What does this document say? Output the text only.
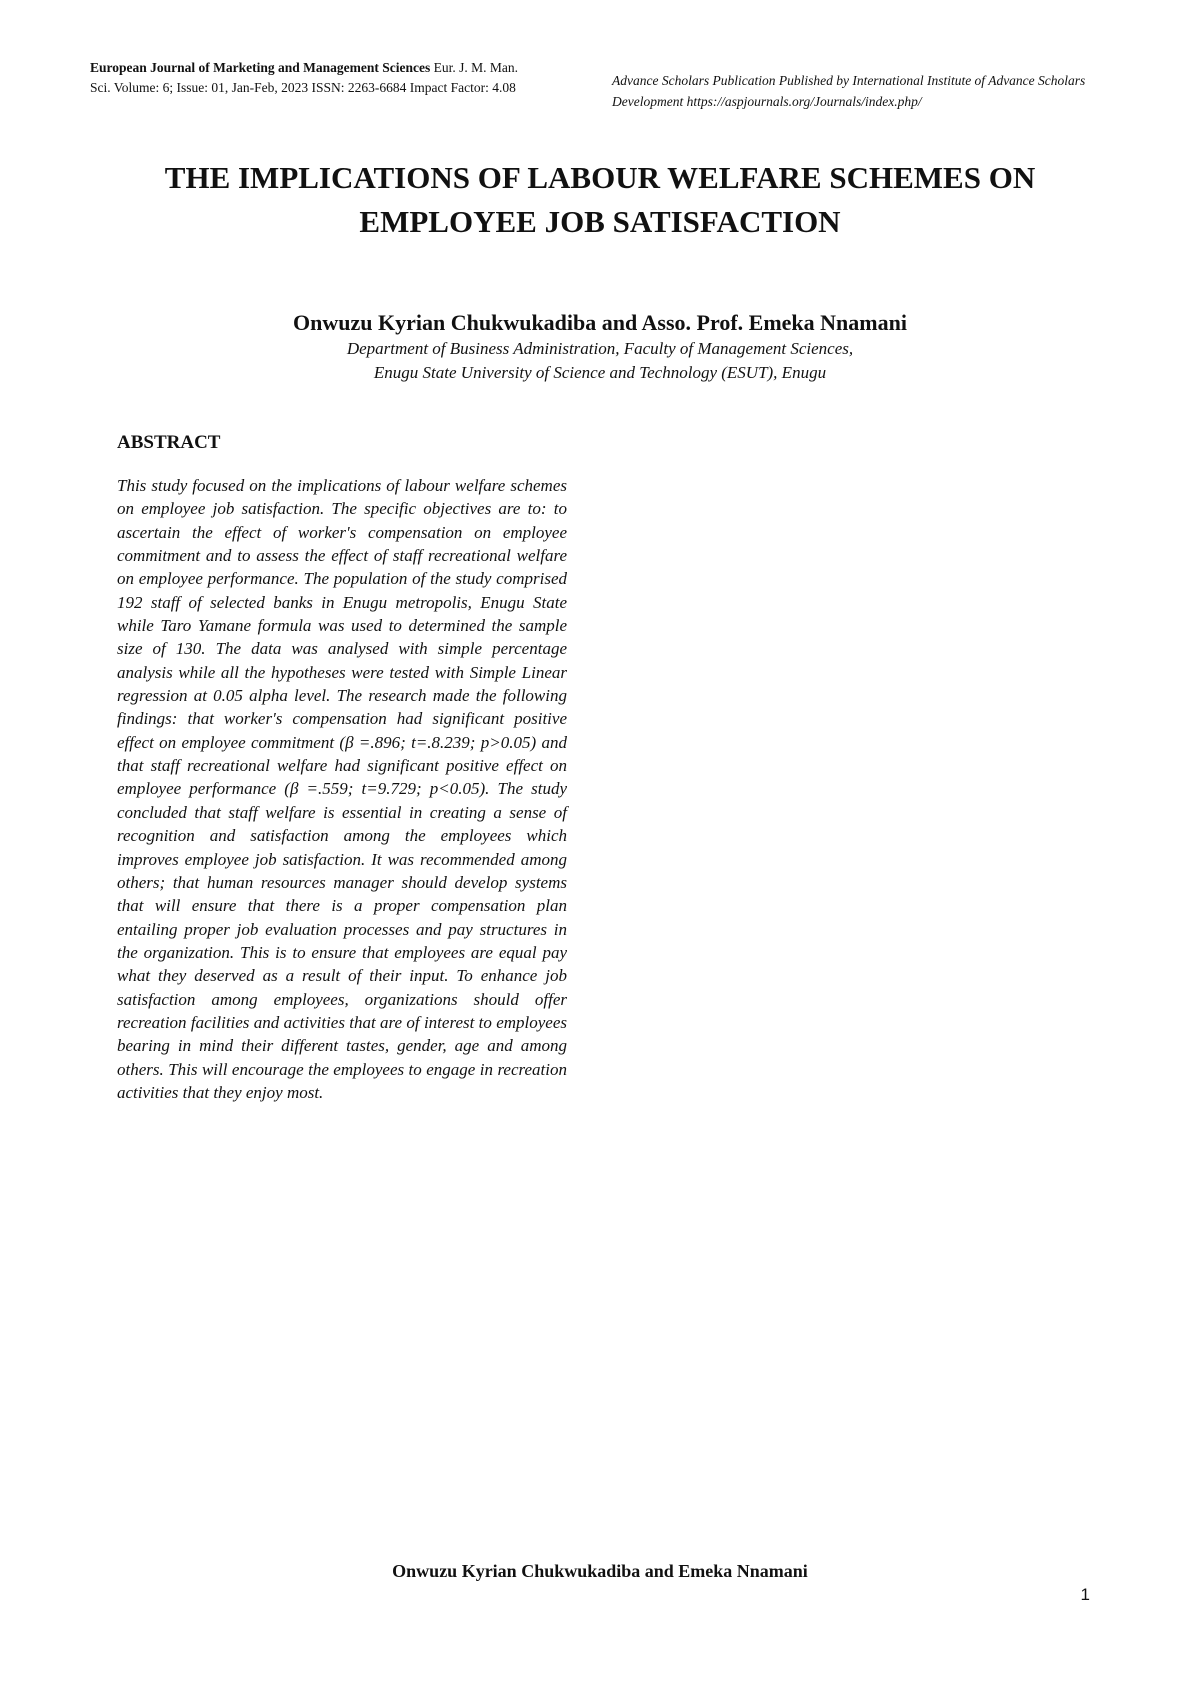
European Journal of Marketing and Management Sciences Eur. J. M. Man. Sci. Volume: 6; Issue: 01, Jan-Feb, 2023 ISSN: 2263-6684 Impact Factor: 4.08	Advance Scholars Publication Published by International Institute of Advance Scholars Development https://aspjournals.org/Journals/index.php/
THE IMPLICATIONS OF LABOUR WELFARE SCHEMES ON EMPLOYEE JOB SATISFACTION
Onwuzu Kyrian Chukwukadiba and Asso. Prof. Emeka Nnamani
Department of Business Administration, Faculty of Management Sciences,
Enugu State University of Science and Technology (ESUT), Enugu
ABSTRACT

This study focused on the implications of labour welfare schemes on employee job satisfaction. The specific objectives are to: to ascertain the effect of worker's compensation on employee commitment and to assess the effect of staff recreational welfare on employee performance. The population of the study comprised 192 staff of selected banks in Enugu metropolis, Enugu State while Taro Yamane formula was used to determined the sample size of 130. The data was analysed with simple percentage analysis while all the hypotheses were tested with Simple Linear regression at 0.05 alpha level. The research made the following findings: that worker's compensation had significant positive effect on employee commitment (β =.896; t=.8.239; p>0.05) and that staff recreational welfare had significant positive effect on employee performance (β =.559; t=9.729; p<0.05). The study concluded that staff welfare is essential in creating a sense of recognition and satisfaction among the employees which improves employee job satisfaction. It was recommended among others; that human resources manager should develop systems that will ensure that there is a proper compensation plan entailing proper job evaluation processes and pay structures in the organization. This is to ensure that employees are equal pay what they deserved as a result of their input. To enhance job satisfaction among employees, organizations should offer recreation facilities and activities that are of interest to employees bearing in mind their different tastes, gender, age and among others. This will encourage the employees to engage in recreation activities that they enjoy most.

Onwuzu Kyrian Chukwukadiba and Emeka Nnamani
1
